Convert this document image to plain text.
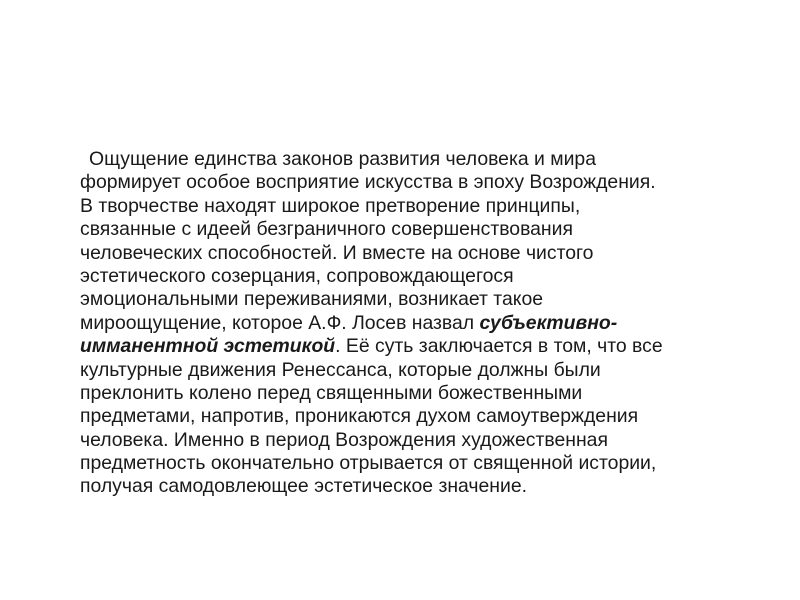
Ощущение единства законов развития человека и мира
формирует особое восприятие искусства в эпоху Возрождения.
В творчестве находят широкое претворение принципы,
связанные с идеей безграничного совершенствования
человеческих способностей. И вместе на основе чистого
эстетического созерцания, сопровождающегося
эмоциональными переживаниями, возникает такое
мироощущение, которое А.Ф. Лосев назвал субъективно-
имманентной эстетикой. Её суть заключается в том, что все
культурные движения Ренессанса, которые должны были
преклонить колено перед священными божественными
предметами, напротив, проникаются духом самоутверждения
человека. Именно в период Возрождения художественная
предметность окончательно отрывается от священной истории,
получая самодовлеющее эстетическое значение.
